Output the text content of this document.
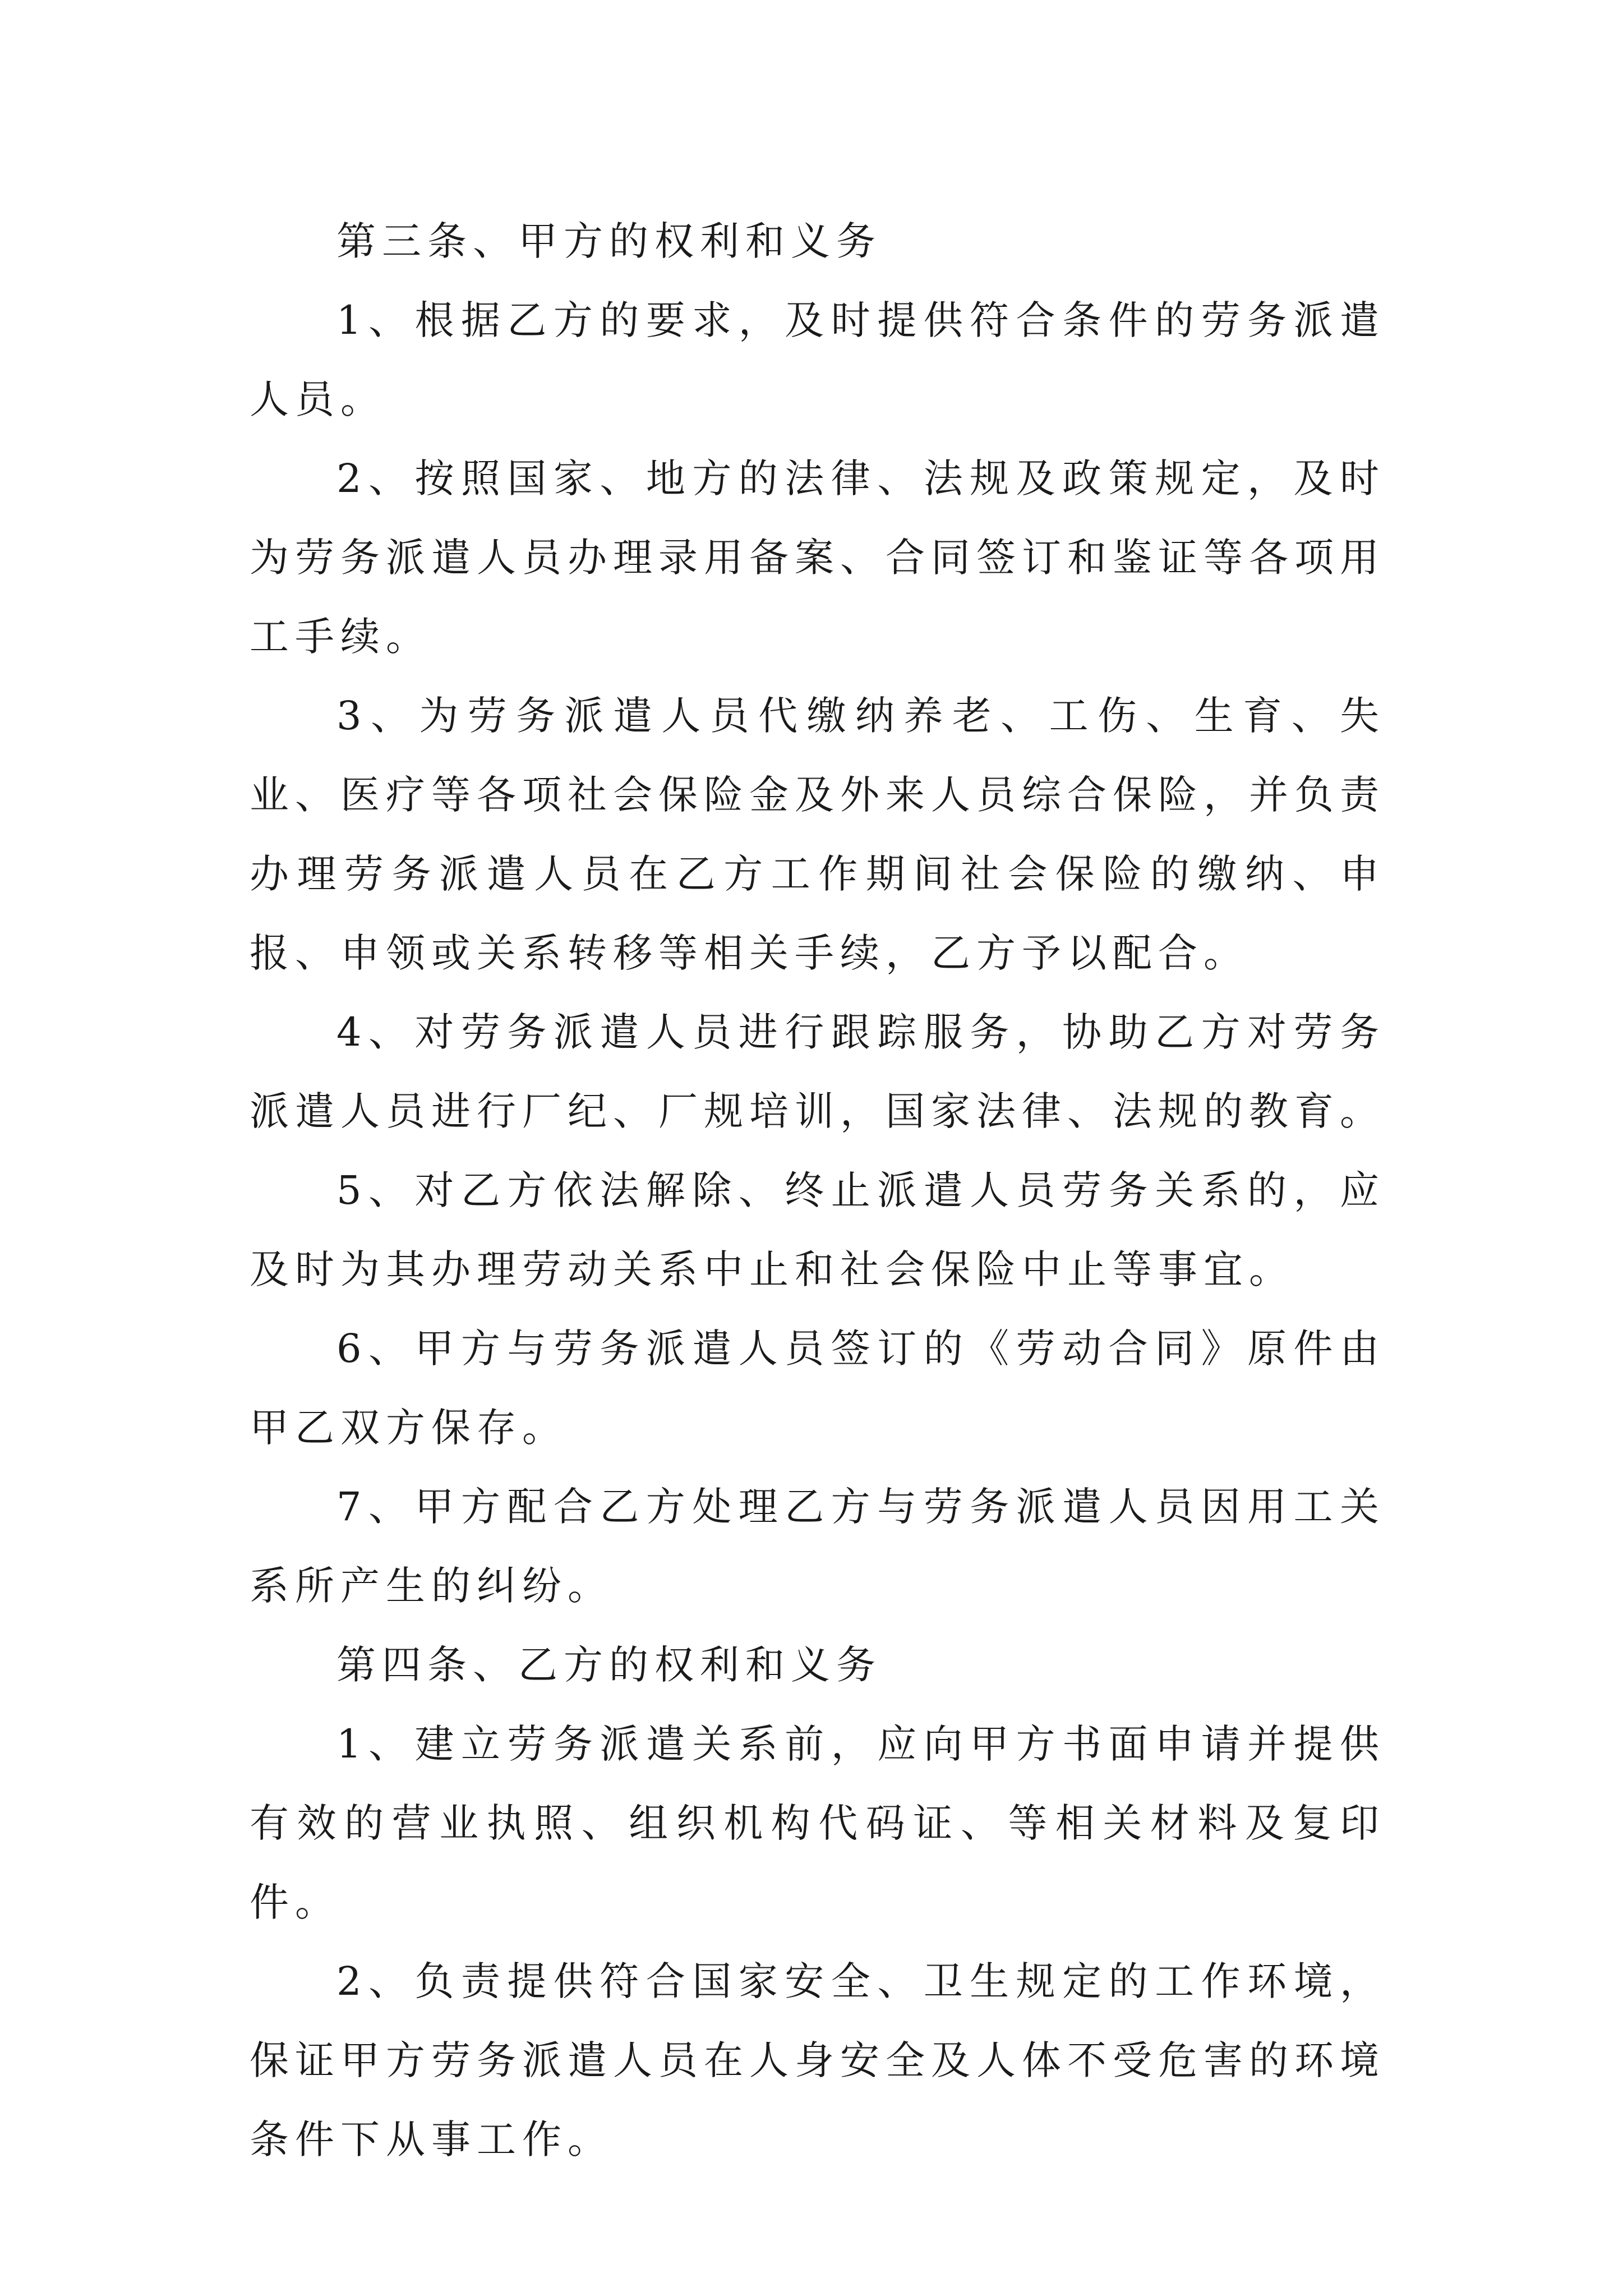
第三条、甲方的权利和义务

1、根据乙方的要求，及时提供符合条件的劳务派遣人员。

2、按照国家、地方的法律、法规及政策规定，及时为劳务派遣人员办理录用备案、合同签订和鉴证等各项用工手续。

3、为劳务派遣人员代缴纳养老、工伤、生育、失业、医疗等各项社会保险金及外来人员综合保险，并负责办理劳务派遣人员在乙方工作期间社会保险的缴纳、申报、申领或关系转移等相关手续，乙方予以配合。

4、对劳务派遣人员进行跟踪服务，协助乙方对劳务派遣人员进行厂纪、厂规培训，国家法律、法规的教育。

5、对乙方依法解除、终止派遣人员劳务关系的，应及时为其办理劳动关系中止和社会保险中止等事宜。

6、甲方与劳务派遣人员签订的《劳动合同》原件由甲乙双方保存。

7、甲方配合乙方处理乙方与劳务派遣人员因用工关系所产生的纠纷。

第四条、乙方的权利和义务

1、建立劳务派遣关系前，应向甲方书面申请并提供有效的营业执照、组织机构代码证、等相关材料及复印件。

2、负责提供符合国家安全、卫生规定的工作环境，保证甲方劳务派遣人员在人身安全及人体不受危害的环境条件下从事工作。
